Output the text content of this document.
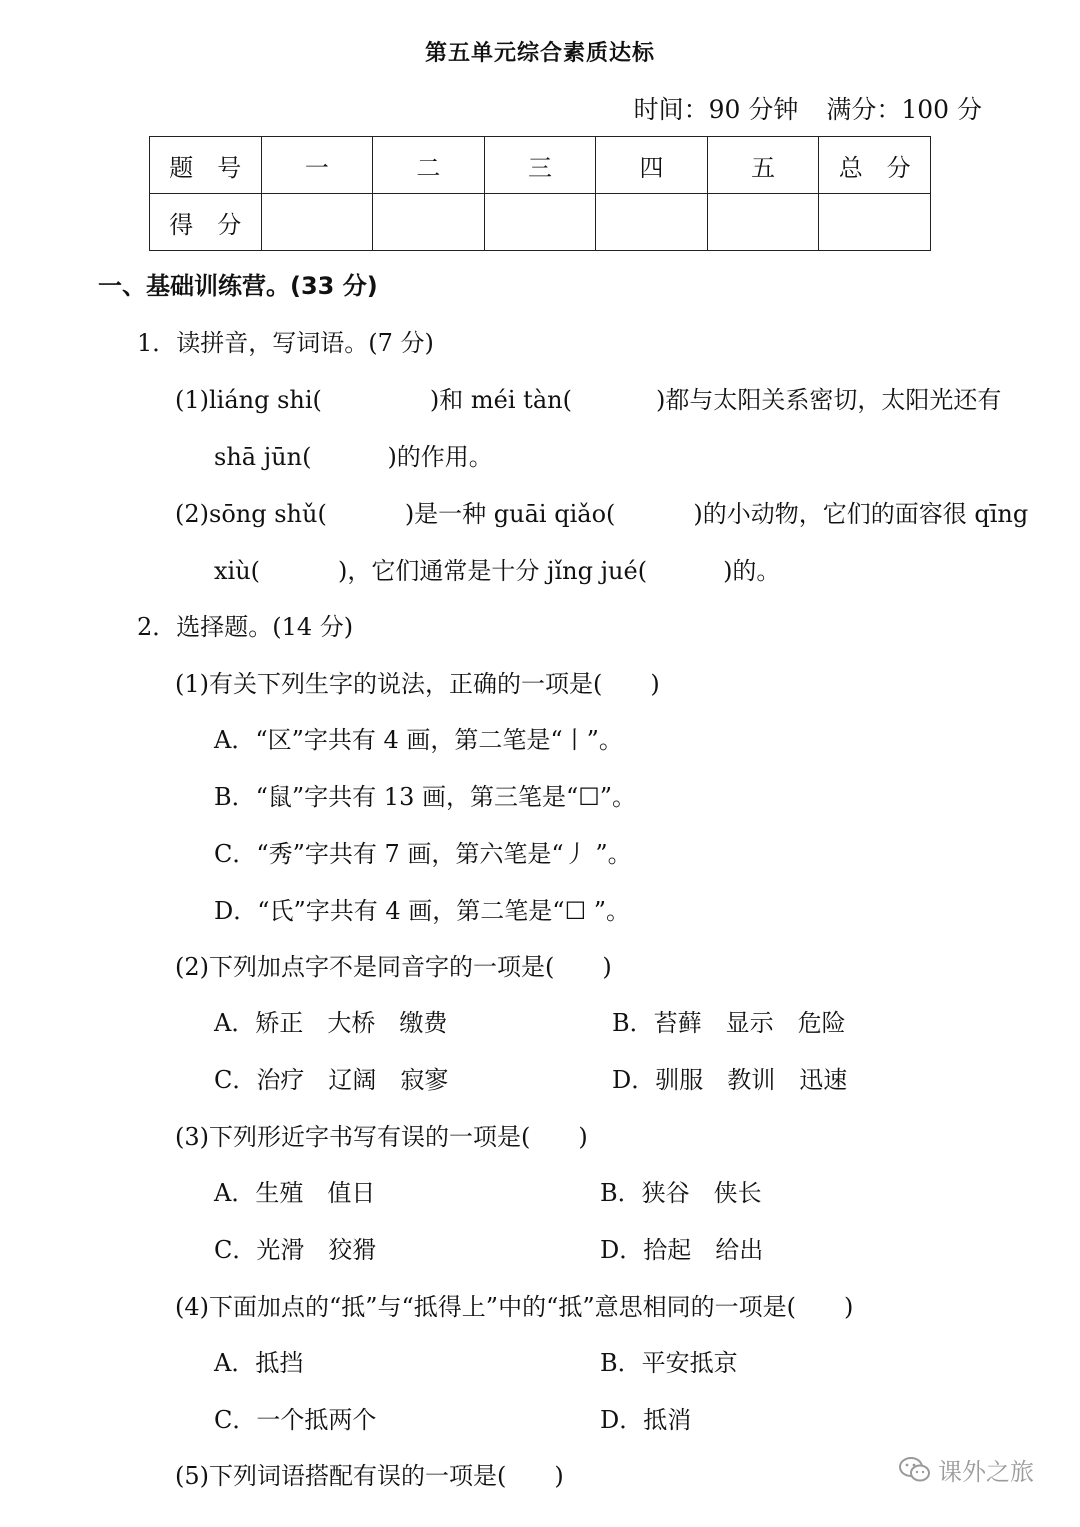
第五单元综合素质达标
时间：90 分钟 满分：100 分
题　号	一	二	三	四	五	总　分
得　分						
一、基础训练营。(33 分)
1．读拼音，写词语。(7 分)
(1)liáng shi(	)和 méi tàn(	)都与太阳关系密切，太阳光还有
shā jūn(	)的作用。
(2)sōng shǔ(	)是一种 guāi qiǎo(	)的小动物，它们的面容很 qīng
xiù(	)，它们通常是十分 jǐng jué(	)的。
2．选择题。(14 分)
(1)有关下列生字的说法，正确的一项是(　　)
A．“区”字共有 4 画，第二笔是“丨”。
B．“鼠”字共有 13 画，第三笔是“☐”。
C．“秀”字共有 7 画，第六笔是“丿 ”。
D．“氏”字共有 4 画，第二笔是“☐ ”。
(2)下列加点字不是同音字的一项是(　　)
A．矫正　大桥　缴费	B．苔藓　显示　危险
C．治疗　辽阔　寂寥	D．驯服　教训　迅速
(3)下列形近字书写有误的一项是(　　)
A．生殖　值日	B．狭谷　侠长
C．光滑　狡猾	D．拾起　给出
(4)下面加点的“抵”与“抵得上”中的“抵”意思相同的一项是(　　)
A．抵挡	B．平安抵京
C．一个抵两个	D．抵消
(5)下列词语搭配有误的一项是(　　)	课外之旅
